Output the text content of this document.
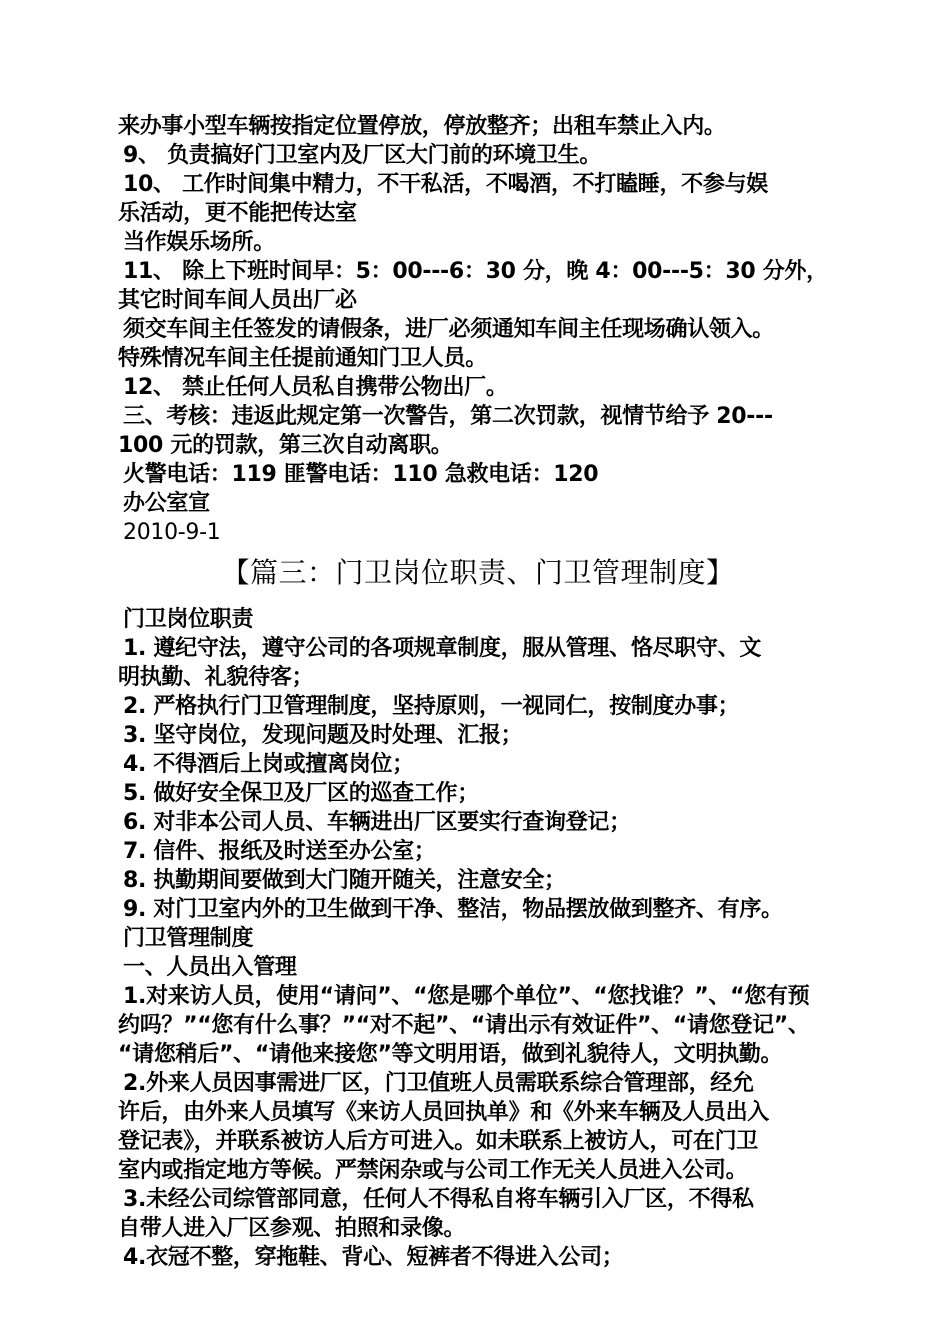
来办事小型车辆按指定位置停放，停放整齐；出租车禁止入内。
9、 负责搞好门卫室内及厂区大门前的环境卫生。
10、 工作时间集中精力，不干私活，不喝酒，不打瞌睡，不参与娱
乐活动，更不能把传达室
当作娱乐场所。
11、 除上下班时间早：5：00---6：30 分，晚 4：00---5：30 分外，
其它时间车间人员出厂必
须交车间主任签发的请假条，进厂必须通知车间主任现场确认领入。
特殊情况车间主任提前通知门卫人员。
12、 禁止任何人员私自携带公物出厂。
三、考核：违返此规定第一次警告，第二次罚款，视情节给予 20---
100 元的罚款，第三次自动离职。
火警电话：119 匪警电话：110 急救电话：120
办公室宣
2010-9-1
【篇三：门卫岗位职责、门卫管理制度】
门卫岗位职责
1. 遵纪守法，遵守公司的各项规章制度，服从管理、恪尽职守、文
明执勤、礼貌待客；
2. 严格执行门卫管理制度，坚持原则，一视同仁，按制度办事；
3. 坚守岗位，发现问题及时处理、汇报；
4. 不得酒后上岗或擅离岗位；
5. 做好安全保卫及厂区的巡查工作；
6. 对非本公司人员、车辆进出厂区要实行查询登记；
7. 信件、报纸及时送至办公室；
8. 执勤期间要做到大门随开随关，注意安全；
9. 对门卫室内外的卫生做到干净、整洁，物品摆放做到整齐、有序。
门卫管理制度
一、人员出入管理
1.对来访人员，使用“请问”、“您是哪个单位”、“您找谁？”、“您有预
约吗？”“您有什么事？”“对不起”、“请出示有效证件”、“请您登记”、
“请您稍后”、“请他来接您”等文明用语，做到礼貌待人，文明执勤。
2.外来人员因事需进厂区，门卫值班人员需联系综合管理部，经允
许后，由外来人员填写《来访人员回执单》和《外来车辆及人员出入
登记表》，并联系被访人后方可进入。如未联系上被访人，可在门卫
室内或指定地方等候。严禁闲杂或与公司工作无关人员进入公司。
3.未经公司综管部同意，任何人不得私自将车辆引入厂区，不得私
自带人进入厂区参观、拍照和录像。
4.衣冠不整，穿拖鞋、背心、短裤者不得进入公司；
